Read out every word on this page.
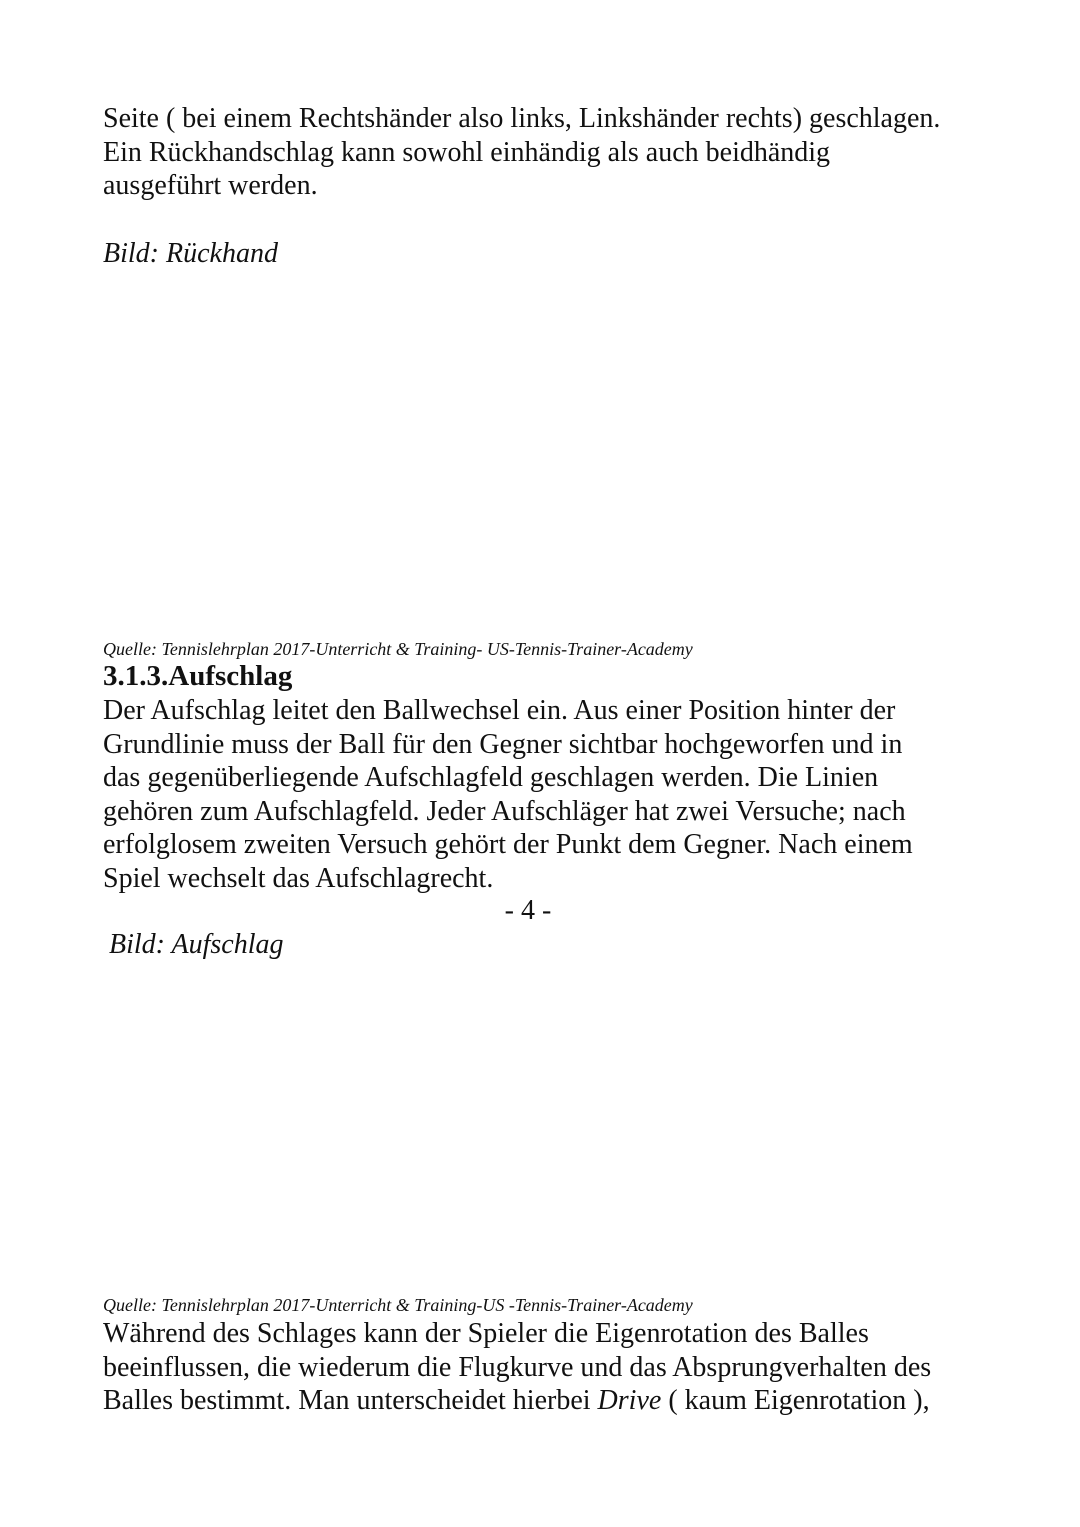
Seite ( bei einem Rechtshänder also links, Linkshänder rechts) geschlagen.
Ein Rückhandschlag kann sowohl einhändig als auch beidhändig
ausgeführt werden.
Bild: Rückhand
Quelle: Tennislehrplan 2017-Unterricht & Training- US-Tennis-Trainer-Academy
3.1.3.Aufschlag
Der Aufschlag leitet den Ballwechsel ein. Aus einer Position hinter der
Grundlinie muss der Ball für den Gegner sichtbar hochgeworfen und in
das gegenüberliegende Aufschlagfeld geschlagen werden. Die Linien
gehören zum Aufschlagfeld. Jeder Aufschläger hat zwei Versuche; nach
erfolglosem zweiten Versuch gehört der Punkt dem Gegner. Nach einem
Spiel wechselt das Aufschlagrecht.
- 4 -
Bild: Aufschlag
Quelle: Tennislehrplan 2017-Unterricht & Training-US -Tennis-Trainer-Academy
Während des Schlages kann der Spieler die Eigenrotation des Balles
beeinflussen, die wiederum die Flugkurve und das Absprungverhalten des
Balles bestimmt. Man unterscheidet hierbei Drive ( kaum Eigenrotation ),
